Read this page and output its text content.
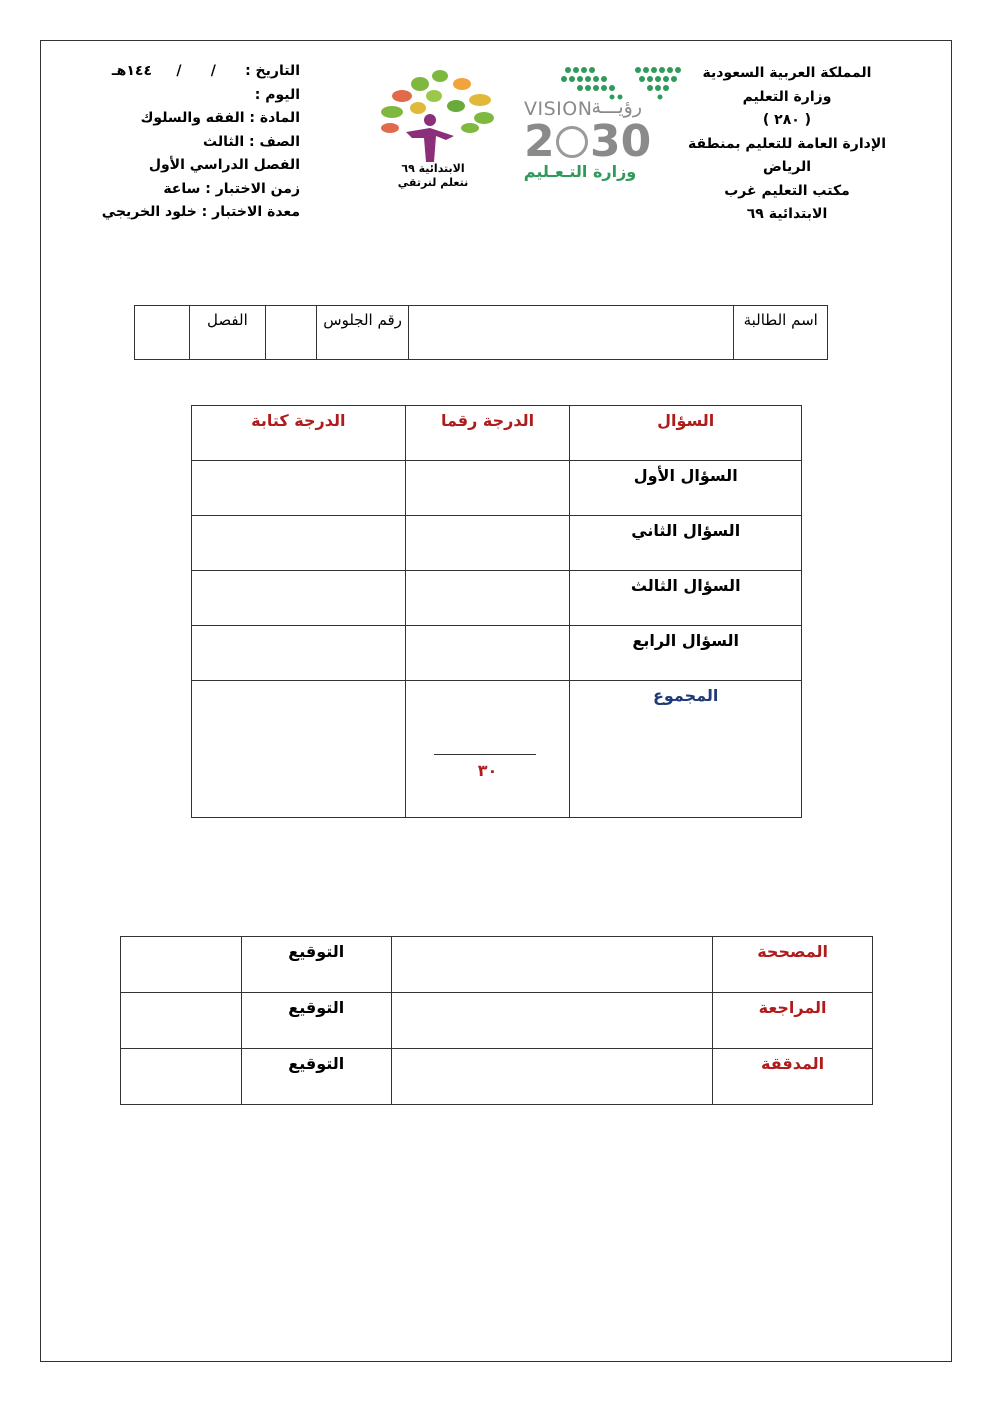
المملكة العربية السعودية
وزارة التعليم
( ٢٨٠ )
الإدارة العامة للتعليم بمنطقة الرياض
مكتب التعليم غرب
الابتدائية ٦٩
التاريخ :      /      /     ١٤٤هـ
اليوم :
المادة : الفقه والسلوك
الصف : الثالث
الفصل الدراسي الأول
زمن الاختبار : ساعة
معدة الاختبار : خلود الخريجي
VISION رؤيـــة
2 30
وزارة التـعـليم
الابتدائية ٦٩
نتعلم لنرتقي
اسم الطالبة		رقم الجلوس		الفصل	
السؤال	الدرجة رقما	الدرجة كتابة
السؤال الأول		
السؤال الثاني		
السؤال الثالث		
السؤال الرابع		
المجموع	٣٠	

المصححة		التوقيع	
المراجعة		التوقيع	
المدققة		التوقيع	
